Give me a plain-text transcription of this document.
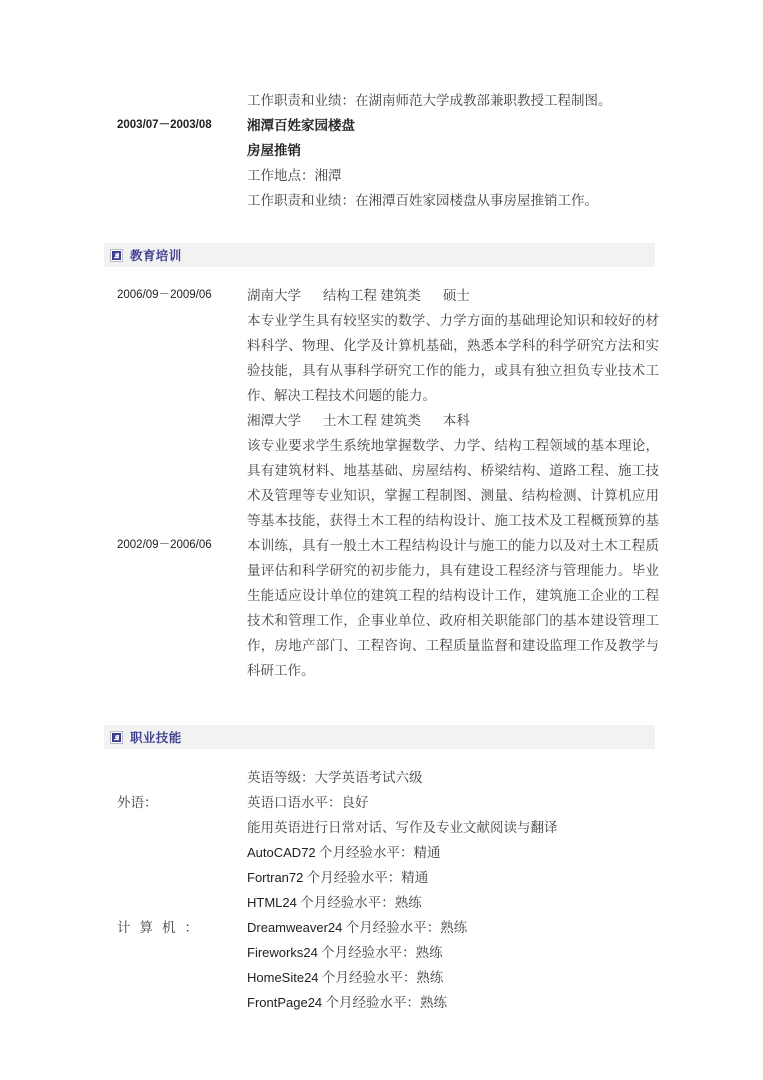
工作职责和业绩：在湖南师范大学成教部兼职教授工程制图。
2003/07－2003/08	湘潭百姓家园楼盘
房屋推销
工作地点：湘潭
工作职责和业绩：在湘潭百姓家园楼盘从事房屋推销工作。
教育培训
2006/09－2009/06	湖南大学 结构工程 建筑类 硕士
本专业学生具有较坚实的数学、力学方面的基础理论知识和较好的材料科学、物理、化学及计算机基础，熟悉本学科的科学研究方法和实验技能，具有从事科学研究工作的能力，或具有独立担负专业技术工作、解决工程技术问题的能力。
2002/09－2006/06
湘潭大学 土木工程 建筑类 本科
该专业要求学生系统地掌握数学、力学、结构工程领域的基本理论，具有建筑材料、地基基础、房屋结构、桥梁结构、道路工程、施工技术及管理等专业知识，掌握工程制图、测量、结构检测、计算机应用等基本技能，获得土木工程的结构设计、施工技术及工程概预算的基本训练，具有一般土木工程结构设计与施工的能力以及对土木工程质量评估和科学研究的初步能力，具有建设工程经济与管理能力。毕业生能适应设计单位的建筑工程的结构设计工作，建筑施工企业的工程技术和管理工作，企事业单位、政府相关职能部门的基本建设管理工作，房地产部门、工程咨询、工程质量监督和建设监理工作及教学与科研工作。
职业技能
外语：
英语等级：大学英语考试六级
英语口语水平：良好
能用英语进行日常对话、写作及专业文献阅读与翻译
计算机：
AutoCAD72 个月经验水平：精通
Fortran72 个月经验水平：精通
HTML24 个月经验水平：熟练
Dreamweaver24 个月经验水平：熟练
Fireworks24 个月经验水平：熟练
HomeSite24 个月经验水平：熟练
FrontPage24 个月经验水平：熟练
